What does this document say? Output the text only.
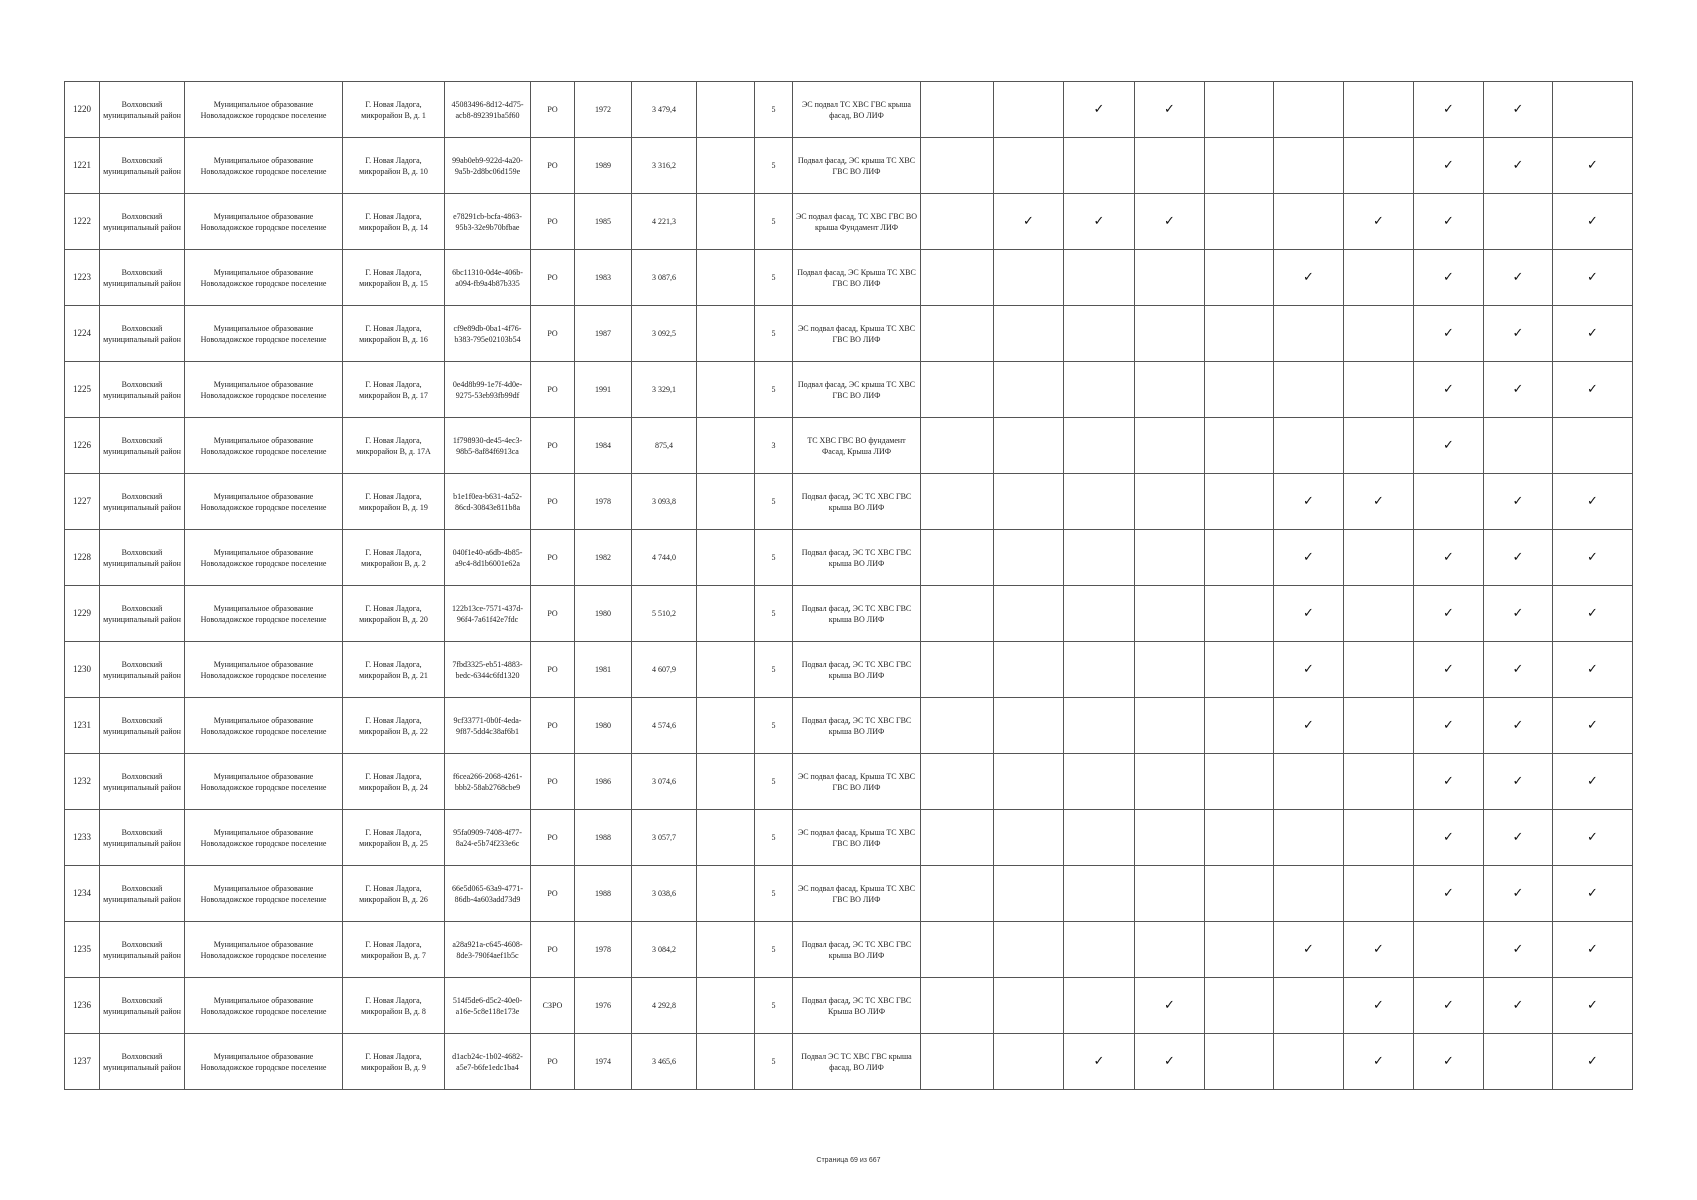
1220	Волховский муниципальный район	Муниципальное образование Новоладожское городское поселение	Г. Новая Ладога, микрорайон В, д. 1	45083496-8d12-4d75-acb8-892391ba5f60	РО	1972	3 479,4		5	ЭС подвал ТС ХВС ГВС крыша фасад, ВО ЛИФ			✓	✓				✓	✓	
1221	Волховский муниципальный район	Муниципальное образование Новоладожское городское поселение	Г. Новая Ладога, микрорайон В, д. 10	99ab0eb9-922d-4a20-9a5b-2d8bc06d159e	РО	1989	3 316,2		5	Подвал фасад, ЭС крыша ТС ХВС ГВС ВО ЛИФ								✓	✓	✓
1222	Волховский муниципальный район	Муниципальное образование Новоладожское городское поселение	Г. Новая Ладога, микрорайон В, д. 14	e78291cb-bcfa-4863-95b3-32e9b70bfbae	РО	1985	4 221,3		5	ЭС подвал фасад, ТС ХВС ГВС ВО крыша Фундамент ЛИФ		✓	✓	✓			✓	✓		✓
1223	Волховский муниципальный район	Муниципальное образование Новоладожское городское поселение	Г. Новая Ладога, микрорайон В, д. 15	6bc11310-0d4e-406b-a094-fb9a4b87b335	РО	1983	3 087,6		5	Подвал фасад, ЭС Крыша ТС ХВС ГВС ВО ЛИФ						✓		✓	✓	✓
1224	Волховский муниципальный район	Муниципальное образование Новоладожское городское поселение	Г. Новая Ладога, микрорайон В, д. 16	cf9e89db-0ba1-4f76-b383-795e02103b54	РО	1987	3 092,5		5	ЭС подвал фасад, Крыша ТС ХВС ГВС ВО ЛИФ								✓	✓	✓
1225	Волховский муниципальный район	Муниципальное образование Новоладожское городское поселение	Г. Новая Ладога, микрорайон В, д. 17	0e4d8b99-1e7f-4d0e-9275-53eb93fb99df	РО	1991	3 329,1		5	Подвал фасад, ЭС крыша ТС ХВС ГВС ВО ЛИФ								✓	✓	✓
1226	Волховский муниципальный район	Муниципальное образование Новоладожское городское поселение	Г. Новая Ладога, микрорайон В, д. 17А	1f798930-de45-4ec3-98b5-8af84f6913ca	РО	1984	875,4		3	ТС ХВС ГВС ВО фундамент Фасад, Крыша ЛИФ								✓		
1227	Волховский муниципальный район	Муниципальное образование Новоладожское городское поселение	Г. Новая Ладога, микрорайон В, д. 19	b1e1f0ea-b631-4a52-86cd-30843e811b8a	РО	1978	3 093,8		5	Подвал фасад, ЭС ТС ХВС ГВС крыша ВО ЛИФ						✓	✓		✓	✓
1228	Волховский муниципальный район	Муниципальное образование Новоладожское городское поселение	Г. Новая Ладога, микрорайон В, д. 2	040f1e40-a6db-4b85-a9c4-8d1b6001e62a	РО	1982	4 744,0		5	Подвал фасад, ЭС ТС ХВС ГВС крыша ВО ЛИФ						✓		✓	✓	✓
1229	Волховский муниципальный район	Муниципальное образование Новоладожское городское поселение	Г. Новая Ладога, микрорайон В, д. 20	122b13ce-7571-437d-96f4-7a61f42e7fdc	РО	1980	5 510,2		5	Подвал фасад, ЭС ТС ХВС ГВС крыша ВО ЛИФ						✓		✓	✓	✓
1230	Волховский муниципальный район	Муниципальное образование Новоладожское городское поселение	Г. Новая Ладога, микрорайон В, д. 21	7fbd3325-eb51-4883-bedc-6344c6fd1320	РО	1981	4 607,9		5	Подвал фасад, ЭС ТС ХВС ГВС крыша ВО ЛИФ						✓		✓	✓	✓
1231	Волховский муниципальный район	Муниципальное образование Новоладожское городское поселение	Г. Новая Ладога, микрорайон В, д. 22	9cf33771-0b0f-4eda-9f87-5dd4c38af6b1	РО	1980	4 574,6		5	Подвал фасад, ЭС ТС ХВС ГВС крыша ВО ЛИФ						✓		✓	✓	✓
1232	Волховский муниципальный район	Муниципальное образование Новоладожское городское поселение	Г. Новая Ладога, микрорайон В, д. 24	f6cea266-2068-4261-bbb2-58ab2768cbe9	РО	1986	3 074,6		5	ЭС подвал фасад, Крыша ТС ХВС ГВС ВО ЛИФ								✓	✓	✓
1233	Волховский муниципальный район	Муниципальное образование Новоладожское городское поселение	Г. Новая Ладога, микрорайон В, д. 25	95fa0909-7408-4f77-8a24-e5b74f233e6c	РО	1988	3 057,7		5	ЭС подвал фасад, Крыша ТС ХВС ГВС ВО ЛИФ								✓	✓	✓
1234	Волховский муниципальный район	Муниципальное образование Новоладожское городское поселение	Г. Новая Ладога, микрорайон В, д. 26	66e5d065-63a9-4771-86db-4a603add73d9	РО	1988	3 038,6		5	ЭС подвал фасад, Крыша ТС ХВС ГВС ВО ЛИФ								✓	✓	✓
1235	Волховский муниципальный район	Муниципальное образование Новоладожское городское поселение	Г. Новая Ладога, микрорайон В, д. 7	a28a921a-c645-4608-8de3-790f4aef1b5c	РО	1978	3 084,2		5	Подвал фасад, ЭС ТС ХВС ГВС крыша ВО ЛИФ						✓	✓		✓	✓
1236	Волховский муниципальный район	Муниципальное образование Новоладожское городское поселение	Г. Новая Ладога, микрорайон В, д. 8	514f5de6-d5c2-40e0-a16e-5c8e118e173e	СЗРО	1976	4 292,8		5	Подвал фасад, ЭС ТС ХВС ГВС Крыша ВО ЛИФ				✓			✓	✓	✓	✓
1237	Волховский муниципальный район	Муниципальное образование Новоладожское городское поселение	Г. Новая Ладога, микрорайон В, д. 9	d1acb24c-1b02-4682-a5e7-b6fe1edc1ba4	РО	1974	3 465,6		5	Подвал ЭС ТС ХВС ГВС крыша фасад, ВО ЛИФ			✓	✓			✓	✓		✓
Страница 69 из 667
